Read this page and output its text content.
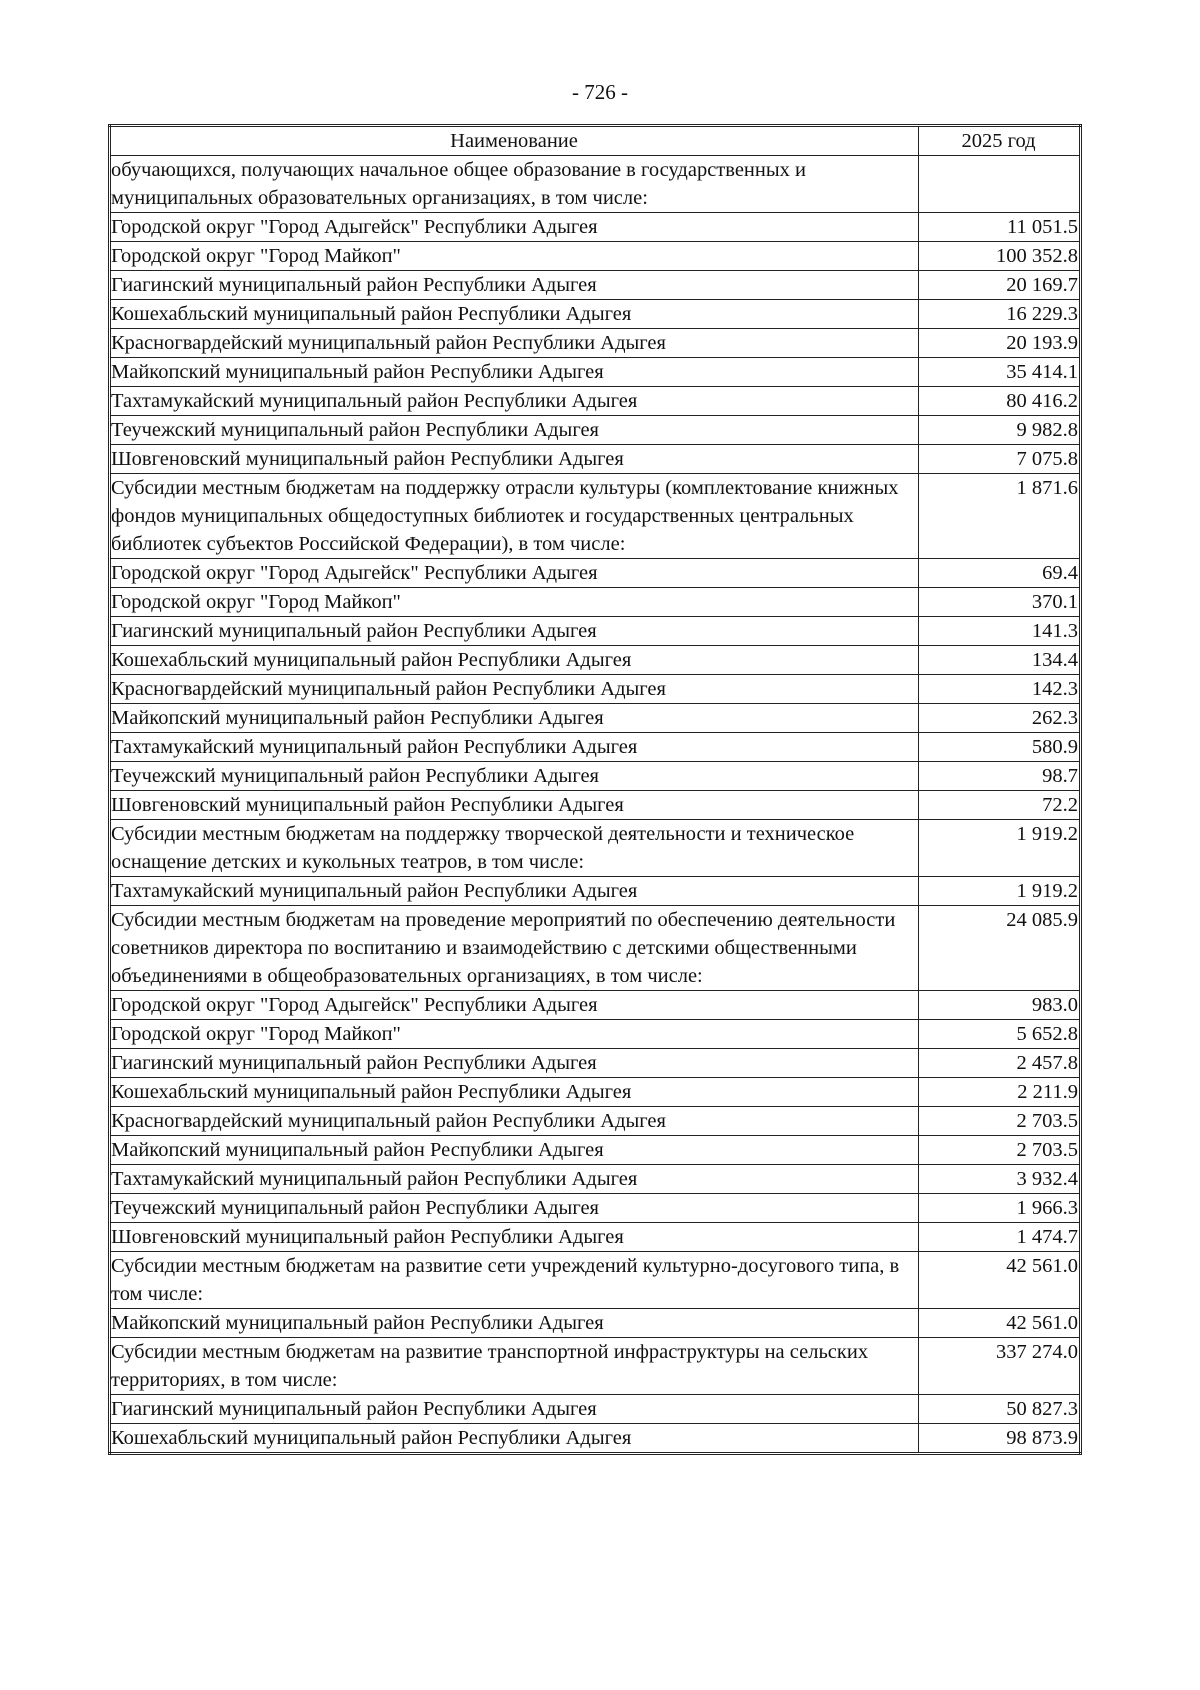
- 726 -
Наименование	2025 год
обучающихся, получающих начальное общее образование в государственных и муниципальных образовательных организациях, в том числе:	
Городской округ "Город Адыгейск" Республики Адыгея	11 051.5
Городской округ "Город Майкоп"	100 352.8
Гиагинский муниципальный район Республики Адыгея	20 169.7
Кошехабльский муниципальный район Республики Адыгея	16 229.3
Красногвардейский муниципальный район Республики Адыгея	20 193.9
Майкопский муниципальный район Республики Адыгея	35 414.1
Тахтамукайский муниципальный район Республики Адыгея	80 416.2
Теучежский муниципальный район Республики Адыгея	9 982.8
Шовгеновский муниципальный район Республики Адыгея	7 075.8
Субсидии местным бюджетам на поддержку отрасли культуры (комплектование книжных фондов муниципальных общедоступных библиотек и государственных центральных библиотек субъектов Российской Федерации), в том числе:	1 871.6
Городской округ "Город Адыгейск" Республики Адыгея	69.4
Городской округ "Город Майкоп"	370.1
Гиагинский муниципальный район Республики Адыгея	141.3
Кошехабльский муниципальный район Республики Адыгея	134.4
Красногвардейский муниципальный район Республики Адыгея	142.3
Майкопский муниципальный район Республики Адыгея	262.3
Тахтамукайский муниципальный район Республики Адыгея	580.9
Теучежский муниципальный район Республики Адыгея	98.7
Шовгеновский муниципальный район Республики Адыгея	72.2
Субсидии местным бюджетам на поддержку творческой деятельности и техническое оснащение детских и кукольных театров, в том числе:	1 919.2
Тахтамукайский муниципальный район Республики Адыгея	1 919.2
Субсидии местным бюджетам на проведение мероприятий по обеспечению деятельности советников директора по воспитанию и взаимодействию с детскими общественными объединениями в общеобразовательных организациях, в том числе:	24 085.9
Городской округ "Город Адыгейск" Республики Адыгея	983.0
Городской округ "Город Майкоп"	5 652.8
Гиагинский муниципальный район Республики Адыгея	2 457.8
Кошехабльский муниципальный район Республики Адыгея	2 211.9
Красногвардейский муниципальный район Республики Адыгея	2 703.5
Майкопский муниципальный район Республики Адыгея	2 703.5
Тахтамукайский муниципальный район Республики Адыгея	3 932.4
Теучежский муниципальный район Республики Адыгея	1 966.3
Шовгеновский муниципальный район Республики Адыгея	1 474.7
Субсидии местным бюджетам на развитие сети учреждений культурно-досугового типа, в том числе:	42 561.0
Майкопский муниципальный район Республики Адыгея	42 561.0
Субсидии местным бюджетам на развитие транспортной инфраструктуры на сельских территориях, в том числе:	337 274.0
Гиагинский муниципальный район Республики Адыгея	50 827.3
Кошехабльский муниципальный район Республики Адыгея	98 873.9
